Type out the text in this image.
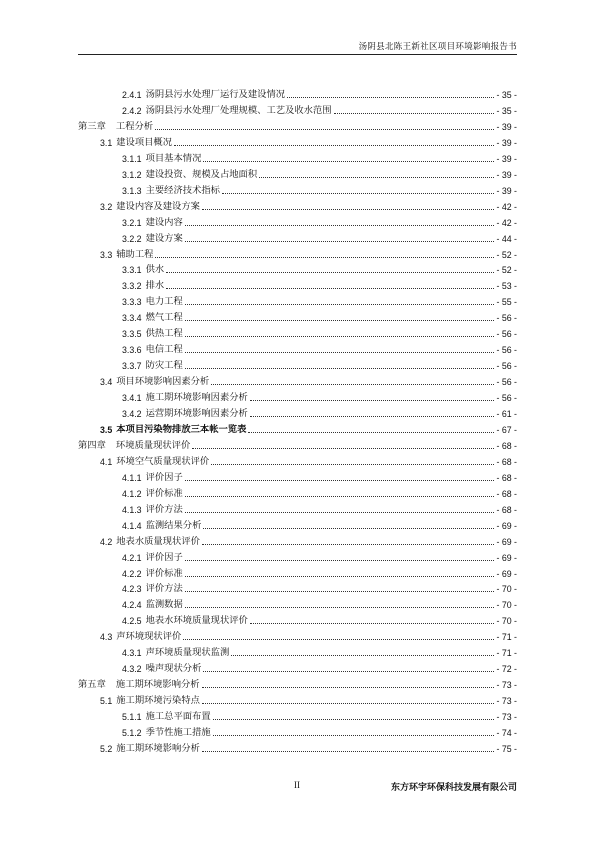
汤阴县北陈王新社区项目环境影响报告书
2.4.1 汤阴县污水处理厂运行及建设情况	- 35 -
2.4.2 汤阴县污水处理厂处理规模、工艺及收水范围	- 35 -
第三章 工程分析	- 39 -
3.1 建设项目概况	- 39 -
3.1.1 项目基本情况	- 39 -
3.1.2 建设投资、规模及占地面积	- 39 -
3.1.3 主要经济技术指标	- 39 -
3.2 建设内容及建设方案	- 42 -
3.2.1 建设内容	- 42 -
3.2.2 建设方案	- 44 -
3.3 辅助工程	- 52 -
3.3.1 供水	- 52 -
3.3.2 排水	- 53 -
3.3.3 电力工程	- 55 -
3.3.4 燃气工程	- 56 -
3.3.5 供热工程	- 56 -
3.3.6 电信工程	- 56 -
3.3.7 防灾工程	- 56 -
3.4 项目环境影响因素分析	- 56 -
3.4.1 施工期环境影响因素分析	- 56 -
3.4.2 运营期环境影响因素分析	- 61 -
3.5 本项目污染物排放三本帐一览表	- 67 -
第四章 环境质量现状评价	- 68 -
4.1 环境空气质量现状评价	- 68 -
4.1.1 评价因子	- 68 -
4.1.2 评价标准	- 68 -
4.1.3 评价方法	- 68 -
4.1.4 监测结果分析	- 69 -
4.2 地表水质量现状评价	- 69 -
4.2.1 评价因子	- 69 -
4.2.2 评价标准	- 69 -
4.2.3 评价方法	- 70 -
4.2.4 监测数据	- 70 -
4.2.5 地表水环境质量现状评价	- 70 -
4.3 声环境现状评价	- 71 -
4.3.1 声环境质量现状监测	- 71 -
4.3.2 噪声现状分析	- 72 -
第五章 施工期环境影响分析	- 73 -
5.1 施工期环境污染特点	- 73 -
5.1.1 施工总平面布置	- 73 -
5.1.2 季节性施工措施	- 74 -
5.2 施工期环境影响分析	- 75 -
II	东方环宇环保科技发展有限公司
